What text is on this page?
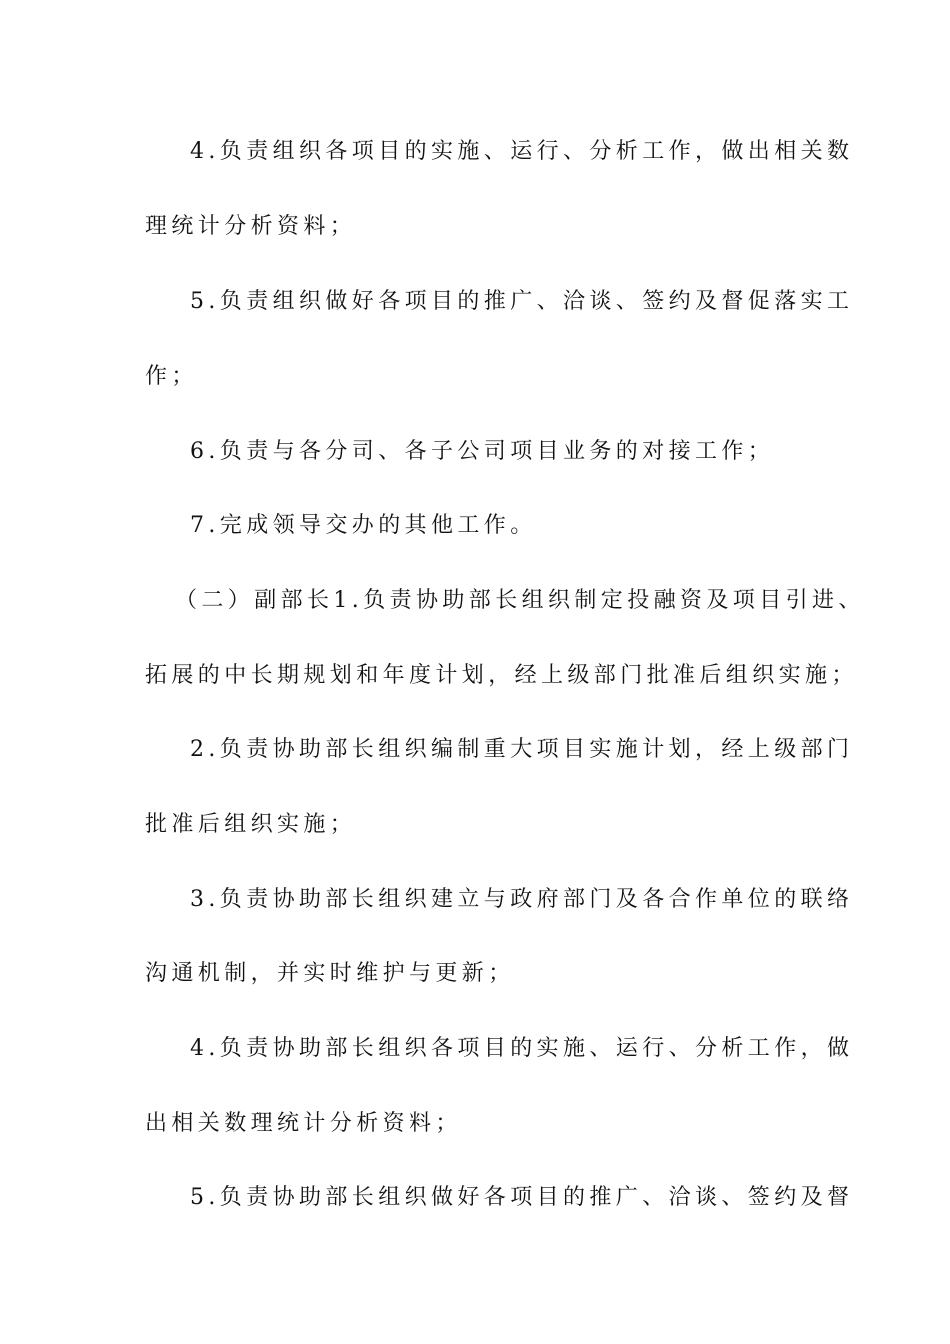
4.负责组织各项目的实施、运行、分析工作，做出相关数
理统计分析资料；
5.负责组织做好各项目的推广、洽谈、签约及督促落实工
作；
6.负责与各分司、各子公司项目业务的对接工作；
7.完成领导交办的其他工作。
（二）副部长1.负责协助部长组织制定投融资及项目引进、
拓展的中长期规划和年度计划，经上级部门批准后组织实施；
2.负责协助部长组织编制重大项目实施计划，经上级部门
批准后组织实施；
3.负责协助部长组织建立与政府部门及各合作单位的联络
沟通机制，并实时维护与更新；
4.负责协助部长组织各项目的实施、运行、分析工作，做
出相关数理统计分析资料；
5.负责协助部长组织做好各项目的推广、洽谈、签约及督
